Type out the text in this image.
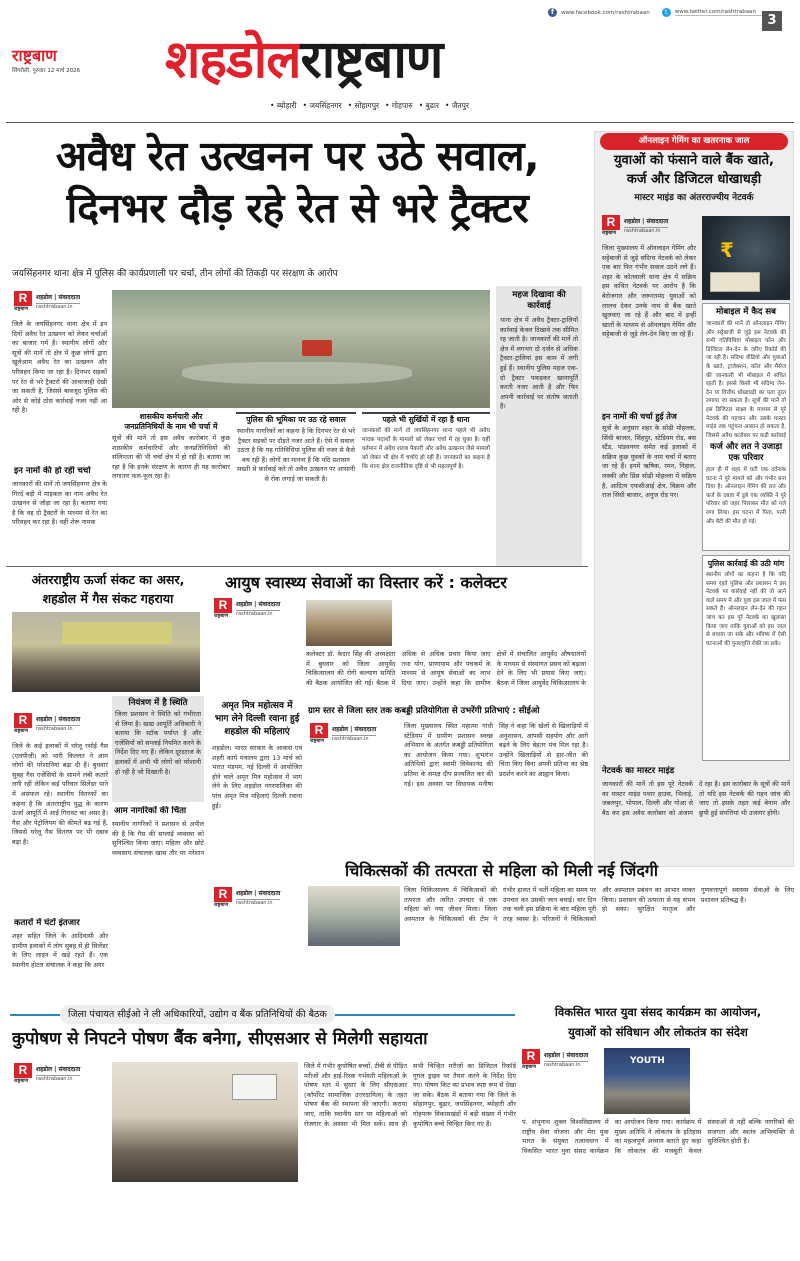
f	www.facebook.com/rashtrabaan	t	www.twitter.com/rashtrabaan
3
राष्ट्रबाण
सिंगरौली, गुरुवार 12 मार्च 2026 शहडोल राष्ट्रबाण
• ब्योहारी • जयसिंहनगर • सोहागपुर • गोहपारु • बुढार • जैतपुर
अवैध रेत उत्खनन पर उठे सवाल,
दिनभर दौड़ रहे रेत से भरे ट्रैक्टर
जयसिंहनगर थाना क्षेत्र में पुलिस की कार्यप्रणाली पर चर्चा, तीन लोगों की तिकड़ी पर संरक्षण के आरोप
R
राष्ट्रबाण
शहडोल | संवाददाता
rashtrabaan.in
जिले के जयसिंहनगर थाना क्षेत्र में इन दिनों अवैध रेत उत्खनन को लेकर चर्चाओं का बाजार गर्म है। स्थानीय लोगों और सूत्रों की मानें तो क्षेत्र में कुछ लोगों द्वारा खुलेआम अवैध रेत का उत्खनन और परिवहन किया जा रहा है। दिनभर सड़कों पर रेत से भरे ट्रैक्टरों की आवाजाही देखी जा सकती है, जिससे बावजूद पुलिस की ओर से कोई ठोस कार्रवाई नजर नहीं आ रही है।
इन नामों की हो रही चर्चा
जानकारों की मानें तो जयसिंहनगर क्षेत्र के गिरर्द बड़ी में माइकल का नाम अवैध रेत उत्खनन से जोड़ा जा रहा है। बताया गया है कि वह दो ट्रैक्टरों के माध्यम से रेत का परिवहन कर रहा है। वहीं शेरू नामक
शासकीय कर्मचारी और
जनप्रतिनिधियों के नाम भी चर्चा में
सूत्रों की मानें तो इस अवैध कारोबार में कुछ शासकीय कर्मचारियों और जनप्रतिनिधियों की संलिप्तता की भी चर्चा क्षेत्र में हो रही है। बताया जा रहा है कि इनके संरक्षण के कारण ही यह कारोबार लगातार फल-फूल रहा है।
पुलिस की भूमिका पर उठ रहे सवाल
स्थानीय नागरिकों का कहना है कि दिनभर रेत से भरे ट्रैक्टर सड़कों पर दौड़ते नजर आते हैं। ऐसे में सवाल उठता है कि यह गतिविधियां पुलिस की नजर से कैसे बच रही हैं। लोगों का मानना है कि यदि प्रशासन सख्ती से कार्रवाई करे तो अवैध उत्खनन पर आसानी से रोक लगाई जा सकती है।
पहले भी सुर्खियों में रहा है थाना
जानकारों की मानें तो जयसिंहनगर थाना पहले भी अवैध मादक पदार्थों के मामलों को लेकर चर्चा में रह चुका है। वहीं वर्तमान में अवैध शराब पैकारी और अवैध उत्खनन जैसे मामलों को लेकर भी क्षेत्र में चर्चाएं हो रही हैं। जानकारों का कहना है कि थाना क्षेत्र राजनीतिक दृष्टि से भी महत्वपूर्ण है।
महज दिखावा की कार्रवाई
थाना क्षेत्र में अवैध ट्रैक्टर-ट्रालियों कार्रवाई केवल दिखावे तक सीमित रह जाती है। जानकारों की मानें तो क्षेत्र में लगभग दो दर्जन से अधिक ट्रैक्टर-ट्रालियां इस काम में लगी हुई हैं। स्थानीय पुलिस महज एक-दो ट्रैक्टर पकड़कर खानापूर्ति करती नजर आती है और फिर अपनी कार्रवाई पर संतोष जताती है।
ऑनलाइन गेमिंग का खतरनाक जाल
युवाओं को फंसाने वाले बैंक खाते,
कर्ज और डिजिटल धोखाधड़ी
मास्टर माइंड का अंतरराज्यीय नेटवर्क
R
राष्ट्रबाण
शहडोल | संवाददाता
rashtrabaan.in
जिला मुख्यालय में ऑनलाइन गेमिंग और सट्टेबाजी से जुड़े संदिग्ध नेटवर्क को लेकर एक बार फिर गंभीर सवाल उठने लगे हैं। शहर के कोतवाली थाना क्षेत्र में सक्रिय इस कथित नेटवर्क पर आरोप है कि बेरोजगार और जरूरतमंद युवाओं को लालच देकर उनके नाम से बैंक खाते खुलवाए जा रहे हैं और बाद में इन्हीं खातों के माध्यम से ऑनलाइन गेमिंग और सट्टेबाजी से जुड़े लेन-देन किए जा रहे हैं।
₹
मोबाइल में कैद सब
जानकारों की मानें तो ऑनलाइन गेमिंग और सट्टेबाजी से जुड़े इस नेटवर्क की सभी गतिविधियां मोबाइल फोन और डिजिटल लेन-देन के जरिए रिकॉर्ड की जा रही है। संदिग्ध वीडियो और युवाओं के खाते, ट्रांजेक्शन, कॉल और मैसेज की जानकारी भी मोबाइल में संचित रहती है। इससे किसी भी संदिग्ध लेन-देन या वित्तीय धोखाधड़ी का पता तुरंत लगाया जा सकता है। सूत्रों की मानें तो इस डिजिटल साक्ष्य के माध्यम से पूरे नेटवर्क की पहचान और उसके मास्टर माइंड तक पहुंचना आसान हो सकता है, जिससे अवैध कारोबार पर कड़ी कार्रवाई
कर्ज और लत ने उजाड़ा
एक परिवार
हाल ही में शहर में घटी एक दर्दनाक घटना ने पूरे मामले को और गंभीर बना दिया है। ऑनलाइन गेमिंग की लत और कर्ज के दबाव में डूबे एक व्यक्ति ने पूरे परिवार को जहर पिलाकर मौत को गले लगा लिया। इस घटना में पिता, पत्नी और बेटी की मौत हो गई।
पुलिस कार्रवाई की उठी मांग
स्थानीय लोगों का कहना है कि यदि समय रहते पुलिस और प्रशासन ने इस नेटवर्क पर कार्रवाई नहीं की तो आने वाले समय में और युवा इस जाल में फंस सकते हैं। ऑनलाइन लेन-देन की गहन जांच कर इस पूरे नेटवर्क का खुलासा किया जाए ताकि युवाओं को इस जाल से बचाया जा सके और भविष्य में ऐसी घटनाओं की पुनरावृत्ति रोकी जा सके।
इन नामों की चर्चा हुई तेज
सूत्रों के अनुसार शहर के सोढी मोहल्ला, सिंधी बाजार, सिंहपुर, स्टेडियम रोड, बस स्टैंड, पांडवनगर समेत कई इलाकों में सक्रिय कुछ युवकों के नाम चर्चा में बताए जा रहे हैं। इनमें ऋषिक, रमन, निहाल, लक्की और प्रिंस सोढी मोहल्ला में सक्रिय है, आदित्य एफसीआई क्षेत्र, विक्रम और राज सिंधी बाजार, अनुज रोड पर।
नेटवर्क का मास्टर माइंड
जानकारों की मानें तो इस पूरे नेटवर्क का मास्टर माइंड पथार हाउस, भिलाई, जबलपुर, भोपाल, दिल्ली और गोआ से बैठ कर इस अवैध कारोबार को अंजाम दे रहा है। इस कारोबार के सूत्रों की मानें तो यदि इस नेटवर्क की गहन जांच की जाए तो इसके तहत कई बेनाम और छुपी हुई संपत्तियां भी उजागर होंगी।
अंतरराष्ट्रीय ऊर्जा संकट का असर,
शहडोल में गैस संकट गहराया
R
राष्ट्रबाण
शहडोल | संवाददाता
rashtrabaan.in
जिले के कई इलाकों में घरेलू रसोई गैस (एलपीजी) को भारी किल्लत ने आम लोगों की परेशानियां बढ़ा दी हैं। बुधवार सुबह गैस एजेंसियों के सामने लंबी कतारें लगी रहीं लेकिन कई परिवार सिलेंडर पाने में असफल रहे। स्थानीय वितरकों का कहना है कि अंतरराष्ट्रीय युद्ध के कारण ऊर्जा आपूर्ति में आई गिरावट का असर है। गैस और पेट्रोलियम की कीमतें बढ़ गई हैं, जिससे घरेलू गैस वितरण पर भी दबाव बढ़ा है।
कतारों में घंटों इंतजार
शहर सहित जिले के आदिवासी और ग्रामीण इलाकों में लोग सुबह से ही सिलेंडर के लिए लाइन में खड़े रहते हैं। एक स्थानीय होटल संचालक ने कहा कि अगर
नियंत्रण में है स्थिति
जिला प्रशासन ने स्थिति को गंभीरता से लिया है। खाद्य आपूर्ति अधिकारी ने बताया कि स्टॉक पर्याप्त है और एजेंसियों को सप्लाई नियमित करने के निर्देश दिए गए हैं। लेकिन दूरदराज के इलाकों में अभी भी लोगों को परेशानी हो रही है जो दिखाती है।
आम नागरिकों की चिंता
स्थानीय नागरिकों ने प्रशासन से अपील की है कि गैस की सप्लाई व्यवस्था को सुनिश्चित किया जाए। महिला और छोटे व्यवसाय संचालक खास तौर पर परेशान
आयुष स्वास्थ्य सेवाओं का विस्तार करें : कलेक्टर
R
राष्ट्रबाण
शहडोल | संवाददाता
rashtrabaan.in
कलेक्टर डॉ. केदार सिंह की अध्यक्षता में बुधवार को जिला आयुर्वेद चिकित्सालय की रोगी कल्याण समिति की बैठक आयोजित की गई। बैठक में अधिक से अधिक प्रचार किया जाए तथा योग, प्राणायाम और पंचकर्म के माध्यम से आयुष सेवाओं का लाभ दिया जाए। उन्होंने कहा कि ग्रामीण क्षेत्रों में संचालित आयुर्वेद औषधालयों के माध्यम से संस्थागत प्रसव को बढ़ावा देने के लिए भी प्रयास किए जाएं। बैठक में जिला आयुर्वेद चिकित्सालय के
अमृत मित्र महोत्सव में
भाग लेने दिल्ली रवाना हुई
शहडोल की महिलाएं
शहडोल। भारत सरकार के आवास एवं शहरी कार्य मंत्रालय द्वारा 13 मार्च को भारत मंडपम, नई दिल्ली में आयोजित होने वाले अमृत मित्र महोत्सव में भाग लेने के लिए शहडोल नगरपालिका की पांच अमृत मित्र महिलाएं दिल्ली रवाना हुईं।
ग्राम स्तर से जिला स्तर तक कबड्डी प्रतियोगिता से उभरेंगी प्रतिभाएं : सीईओ
R
राष्ट्रबाण
शहडोल | संवाददाता
rashtrabaan.in
जिला मुख्यालय स्थित महात्मा गांधी स्टेडियम में ग्रामीण प्रशासन स्वच्छ अभियान के अंतर्गत कबड्डी प्रतियोगिता का आयोजन किया गया। शुभारंभ अतिथियों द्वारा स्वामी विवेकानंद की प्रतिमा के समक्ष दीप प्रज्वलित कर की गई। इस अवसर पर विधायक मनीषा सिंह ने कहा कि खेलों से खिलाड़ियों में अनुशासन, आपसी सहयोग और आगे बढ़ने के लिए बेहतर मंच मिल रहा है। उन्होंने खिलाड़ियों से हार-जीत की चिंता किए बिना अपनी प्रतिभा का श्रेष्ठ प्रदर्शन करने का आह्वान किया।
चिकित्सकों की तत्परता से महिला को मिली नई जिंदगी
R
राष्ट्रबाण
शहडोल | संवाददाता
rashtrabaan.in
जिला चिकित्सालय में चिकित्सकों की तत्परता और त्वरित उपचार से एक महिला को नया जीवन मिला। जिला अस्पताल के चिकित्सकों की टीम ने गंभीर हालत में भर्ती महिला का समय पर उपचार कर उसकी जान बचाई। चार दिन तक चली इस प्रक्रिया के बाद महिला पूरी तरह स्वस्थ है। परिजनों ने चिकित्सकों और अस्पताल प्रबंधन का आभार व्यक्त किया। प्रशासन की तत्परता से यह संभव हो सका। सुरक्षित मातृत्व और गुणवत्तापूर्ण स्वास्थ्य सेवाओं के लिए प्रशासन प्रतिबद्ध है।
जिला पंचायत सीईओ ने ली अधिकारियों, उद्योग व बैंक प्रतिनिधियों की बैठक
कुपोषण से निपटने पोषण बैंक बनेगा, सीएसआर से मिलेगी सहायता
R
राष्ट्रबाण
शहडोल | संवाददाता
rashtrabaan.in
जिले में गंभीर कुपोषित बच्चों, टीबी से पीड़ित मरीजों और हाई-रिस्क गर्भवती महिलाओं के पोषण स्तर में सुधार के लिए सीएसआर (कॉर्पोरेट सामाजिक उत्तरदायित्व) के तहत पोषण बैंक की स्थापना की जाएगी। कराया जाए, ताकि स्थानीय स्तर पर महिलाओं को रोजगार के अवसर भी मिल सकें। साथ ही सभी चिन्हित मरीजों का डिजिटल रिकॉर्ड गूगल ड्राइव पर तैयार करने के निर्देश दिए गए। पोषण किट का प्रभाव स्पष्ट रूप से देखा जा सके। बैठक में बताया गया कि जिले के सोहागपुर, बुढ़ार, जयसिंहनगर, ब्योहारी और गोहपारू विकासखंडों में बड़ी संख्या में गंभीर कुपोषित बच्चे चिन्हित किए गए हैं।
विकसित भारत युवा संसद कार्यक्रम का आयोजन,
युवाओं को संविधान और लोकतंत्र का संदेश
R
राष्ट्रबाण
शहडोल | संवाददाता
rashtrabaan.in	YOUTH
पं. शंभूनाथ शुक्ल विश्वविद्यालय में राष्ट्रीय सेवा योजना और मेरा युवा भारत के संयुक्त तत्वावधान में विकसित भारत युवा संसद कार्यक्रम का आयोजन किया गया। कार्यक्रम में मुख्य अतिथि ने लोकतंत्र के इतिहास का महत्वपूर्ण अध्याय बताते हुए कहा कि लोकतंत्र की मजबूती केवल संस्थाओं से नहीं बल्कि नागरिकों की सजगता और स्वतंत्र अभिव्यक्ति से सुनिश्चित होती है।
